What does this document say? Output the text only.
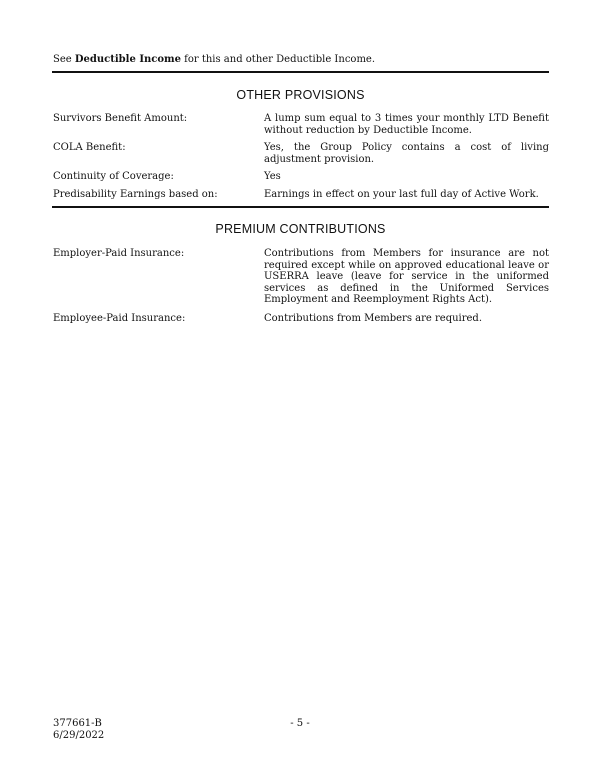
See Deductible Income for this and other Deductible Income.
OTHER PROVISIONS
Survivors Benefit Amount:	A lump sum equal to 3 times your monthly LTD Benefit without reduction by Deductible Income.
COLA Benefit:	Yes, the Group Policy contains a cost of living adjustment provision.
Continuity of Coverage:	Yes
Predisability Earnings based on:	Earnings in effect on your last full day of Active Work.
PREMIUM CONTRIBUTIONS
Employer-Paid Insurance:	Contributions from Members for insurance are not required except while on approved educational leave or USERRA leave (leave for service in the uniformed services as defined in the Uniformed Services Employment and Reemployment Rights Act).
Employee-Paid Insurance:	Contributions from Members are required.
377661-B
6/29/2022
- 5 -
